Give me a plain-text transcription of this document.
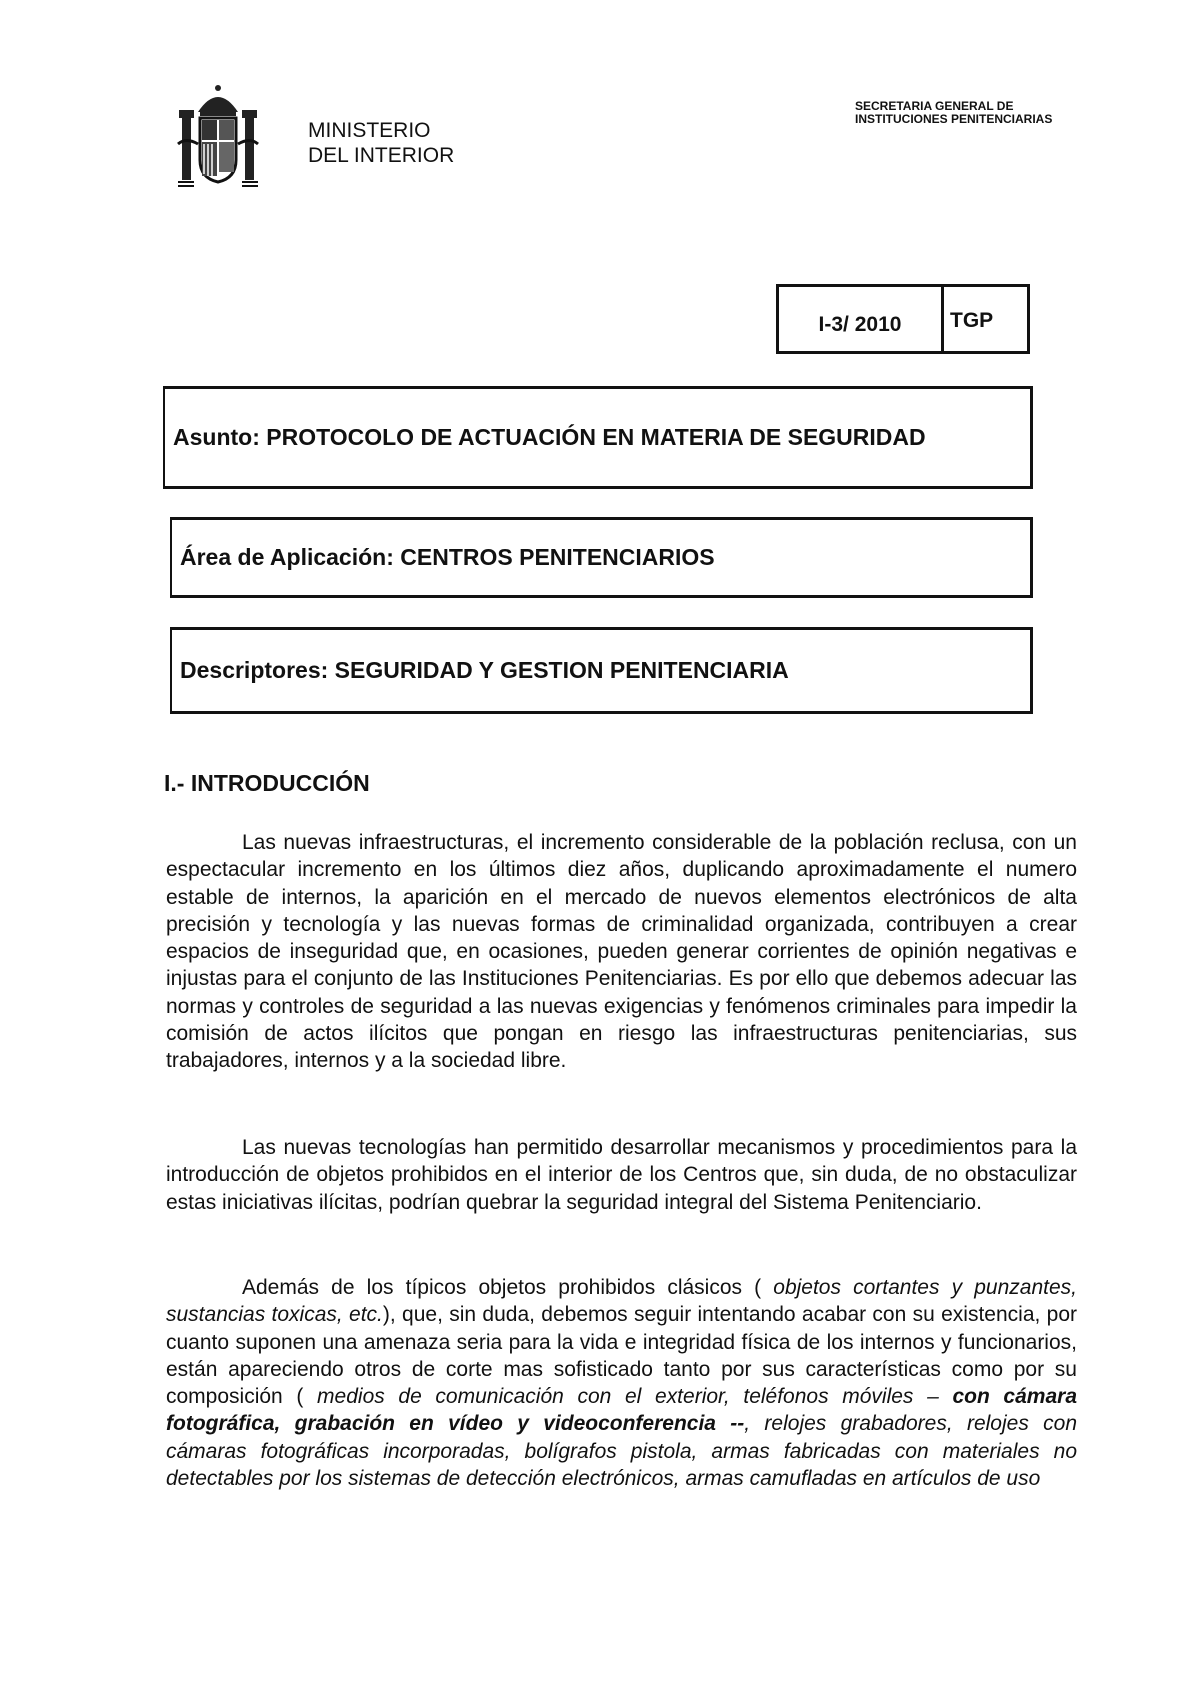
MINISTERIO
DEL INTERIOR
SECRETARIA GENERAL DE
INSTITUCIONES PENITENCIARIAS
I-3/ 2010	TGP
Asunto: PROTOCOLO DE ACTUACIÓN EN MATERIA DE SEGURIDAD
Área de Aplicación: CENTROS PENITENCIARIOS
Descriptores: SEGURIDAD Y GESTION PENITENCIARIA
I.- INTRODUCCIÓN

Las nuevas infraestructuras, el incremento considerable de la población reclusa, con un espectacular incremento en los últimos diez años, duplicando aproximadamente el numero estable de internos, la aparición en el mercado de nuevos elementos electrónicos de alta precisión y tecnología y las nuevas formas de criminalidad organizada, contribuyen a crear espacios de inseguridad que, en ocasiones, pueden generar corrientes de opinión negativas e injustas para el conjunto de las Instituciones Penitenciarias. Es por ello que debemos adecuar las normas y controles de seguridad a las nuevas exigencias y fenómenos criminales para impedir la comisión de actos ilícitos que pongan en riesgo las infraestructuras penitenciarias, sus trabajadores, internos y a la sociedad libre.

Las nuevas tecnologías han permitido desarrollar mecanismos y procedimientos para la introducción de objetos prohibidos en el interior de los Centros que, sin duda, de no obstaculizar estas iniciativas ilícitas, podrían quebrar la seguridad integral del Sistema Penitenciario.

Además de los típicos objetos prohibidos clásicos ( objetos cortantes y punzantes, sustancias toxicas, etc.), que, sin duda, debemos seguir intentando acabar con su existencia, por cuanto suponen una amenaza seria para la vida e integridad física de los internos y funcionarios, están apareciendo otros de corte mas sofisticado tanto por sus características como por su composición ( medios de comunicación con el exterior, teléfonos móviles – con cámara fotográfica, grabación en vídeo y videoconferencia --, relojes grabadores, relojes con cámaras fotográficas incorporadas, bolígrafos pistola, armas fabricadas con materiales no detectables por los sistemas de detección electrónicos, armas camufladas en artículos de uso
